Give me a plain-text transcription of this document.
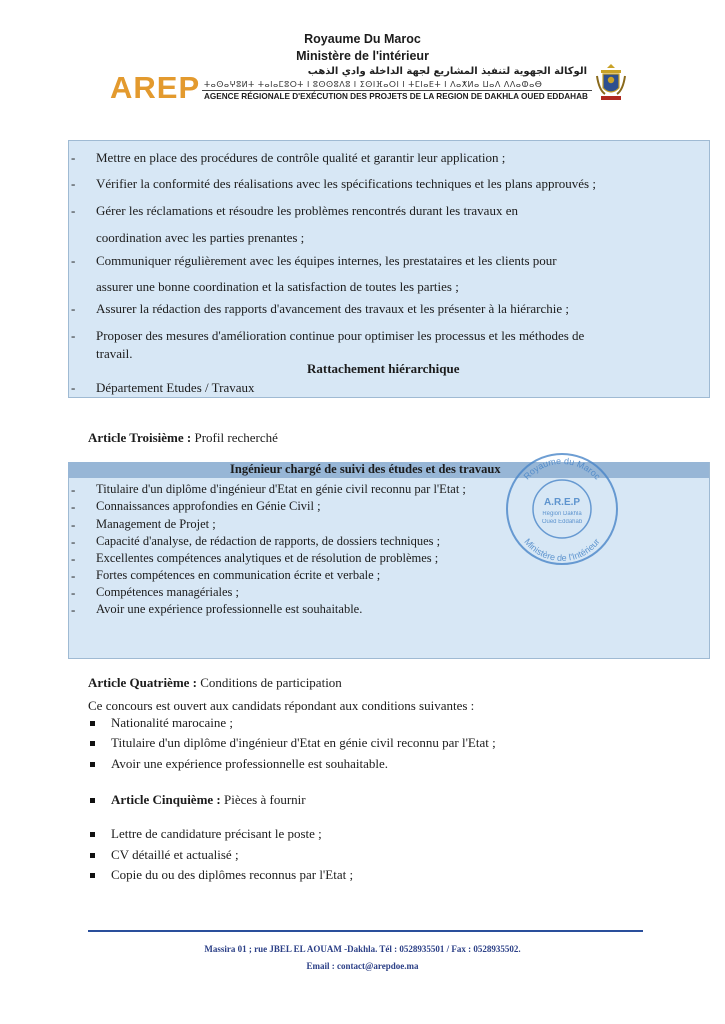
Royaume Du Maroc
Ministère de l'intérieur
AREP	الوكالة الجهوية لتنفيذ المشاريع لجهة الداخلة وادي الذهب
ⵜⴰⵙⴰⵖⵓⵍⵜ ⵜⴰⵏⴰⵎⵓⵔⵜ ⵏ ⵓⵙⵙⵓⴷⵓ ⵏ ⵉⵙⵏⴼⴰⵔⵏ ⵏ ⵜⵎⵏⴰⴹⵜ ⵏ ⴷⴰⵅⵍⴰ ⵡⴰⴷ ⴷⴷⴰⵀⴰⴱ
AGENCE RÉGIONALE D'EXÉCUTION DES PROJETS DE LA REGION DE DAKHLA OUED EDDAHAB
- Mettre en place des procédures de contrôle qualité et garantir leur application ;
- Vérifier la conformité des réalisations avec les spécifications techniques et les plans approuvés ;
- Gérer les réclamations et résoudre les problèmes rencontrés durant les travaux en
coordination avec les parties prenantes ;
- Communiquer régulièrement avec les équipes internes, les prestataires et les clients pour
assurer une bonne coordination et la satisfaction de toutes les parties ;
- Assurer la rédaction des rapports d'avancement des travaux et les présenter à la hiérarchie ;
- Proposer des mesures d'amélioration continue pour optimiser les processus et les méthodes de
travail.
Rattachement hiérarchique
- Département Etudes / Travaux
Article Troisième : Profil recherché
Ingénieur chargé de suivi des études et des travaux
- Titulaire d'un diplôme d'ingénieur d'Etat en génie civil reconnu par l'Etat ;
- Connaissances approfondies en Génie Civil ;
- Management de Projet ;
- Capacité d'analyse, de rédaction de rapports, de dossiers techniques ;
- Excellentes compétences analytiques et de résolution de problèmes ;
- Fortes compétences en communication écrite et verbale ;
- Compétences managériales ;
- Avoir une expérience professionnelle est souhaitable.
Royaume du Maroc
Ministère de l'Intérieur
A.R.E.P
Région Dakhla
Oued Eddahab
Article Quatrième : Conditions de participation
Ce concours est ouvert aux candidats répondant aux conditions suivantes :
Nationalité marocaine ;
Titulaire d'un diplôme d'ingénieur d'Etat en génie civil reconnu par l'Etat ;
Avoir une expérience professionnelle est souhaitable.
Article Cinquième : Pièces à fournir
Lettre de candidature précisant le poste ;
CV détaillé et actualisé ;
Copie du ou des diplômes reconnus par l'Etat ;
Massira 01 ; rue JBEL EL AOUAM -Dakhla. Tél : 0528935501 / Fax : 0528935502.
Email : contact@arepdoe.ma
